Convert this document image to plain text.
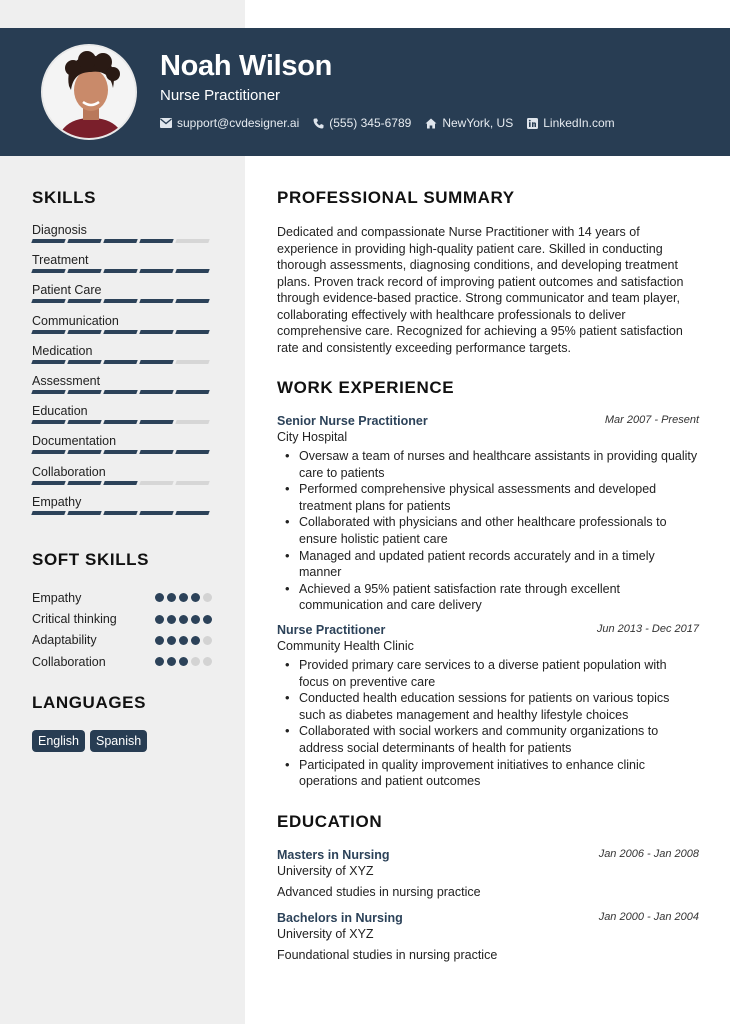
Noah Wilson
Nurse Practitioner
support@cvdesigner.ai	(555) 345-6789	NewYork, US	LinkedIn.com
SKILLS
Diagnosis
Treatment
Patient Care
Communication
Medication
Assessment
Education
Documentation
Collaboration
Empathy
SOFT SKILLS
Empathy
Critical thinking
Adaptability
Collaboration
LANGUAGES
English	Spanish
PROFESSIONAL SUMMARY

Dedicated and compassionate Nurse Practitioner with 14 years of experience in providing high-quality patient care. Skilled in conducting thorough assessments, diagnosing conditions, and developing treatment plans. Proven track record of improving patient outcomes and satisfaction through evidence-based practice. Strong communicator and team player, collaborating effectively with healthcare professionals to deliver comprehensive care. Recognized for achieving a 95% patient satisfaction rate and consistently exceeding performance targets.

WORK EXPERIENCE
Senior Nurse Practitioner	Mar 2007 - Present
City Hospital
• Oversaw a team of nurses and healthcare assistants in providing quality care to patients
• Performed comprehensive physical assessments and developed treatment plans for patients
• Collaborated with physicians and other healthcare professionals to ensure holistic patient care
• Managed and updated patient records accurately and in a timely manner
• Achieved a 95% patient satisfaction rate through excellent communication and care delivery
Nurse Practitioner	Jun 2013 - Dec 2017
Community Health Clinic
• Provided primary care services to a diverse patient population with focus on preventive care
• Conducted health education sessions for patients on various topics such as diabetes management and healthy lifestyle choices
• Collaborated with social workers and community organizations to address social determinants of health for patients
• Participated in quality improvement initiatives to enhance clinic operations and patient outcomes
EDUCATION
Masters in Nursing	Jan 2006 - Jan 2008
University of XYZ
Advanced studies in nursing practice
Bachelors in Nursing	Jan 2000 - Jan 2004
University of XYZ
Foundational studies in nursing practice
